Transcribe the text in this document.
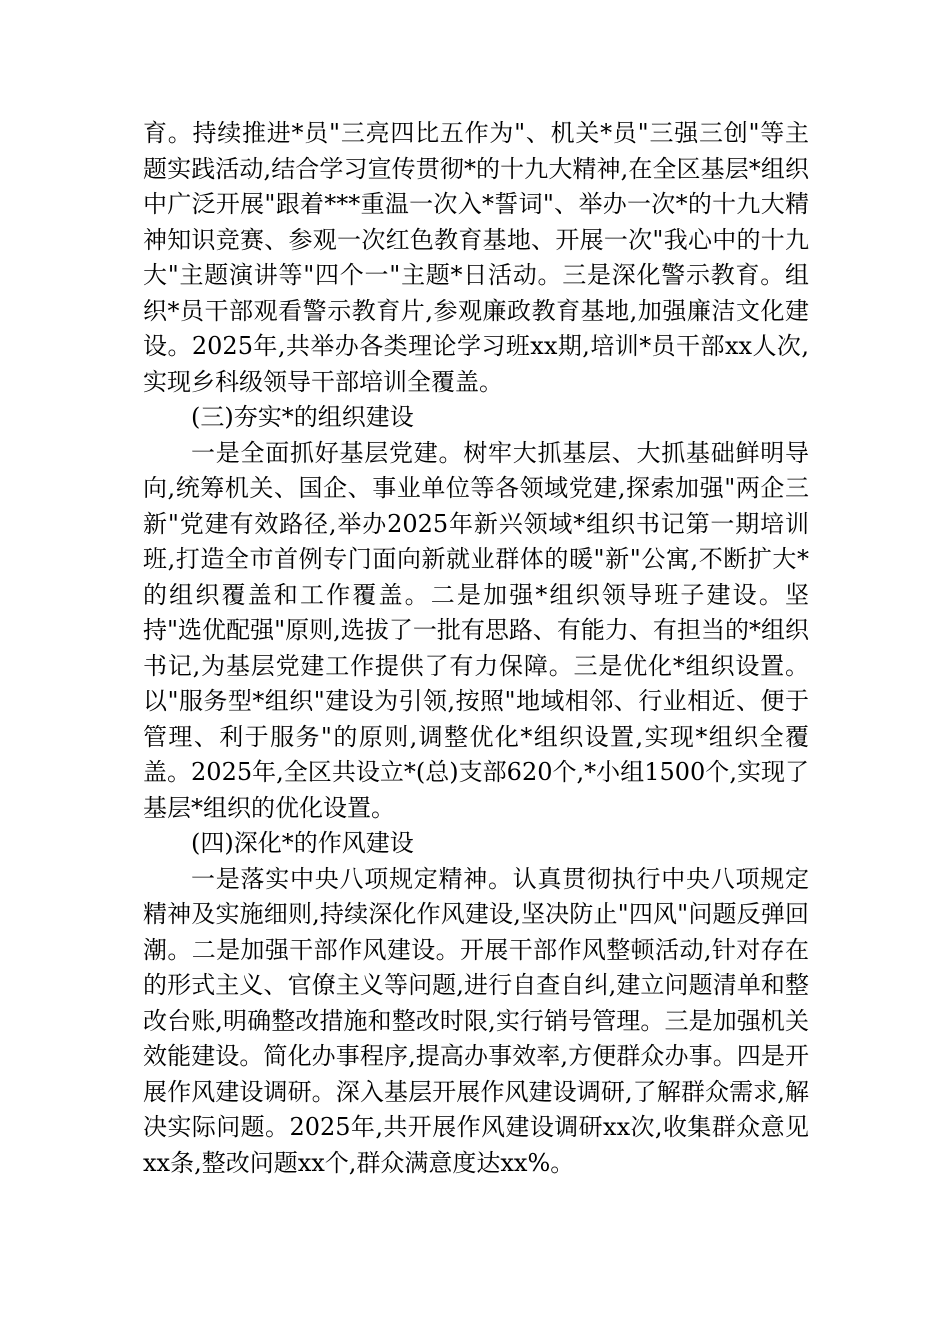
育。持续推进*员"三亮四比五作为"、机关*员"三强三创"等主题实践活动,结合学习宣传贯彻*的十九大精神,在全区基层*组织中广泛开展"跟着***重温一次入*誓词"、举办一次*的十九大精神知识竞赛、参观一次红色教育基地、开展一次"我心中的十九大"主题演讲等"四个一"主题*日活动。三是深化警示教育。组织*员干部观看警示教育片,参观廉政教育基地,加强廉洁文化建设。2025年,共举办各类理论学习班xx期,培训*员干部xx人次,实现乡科级领导干部培训全覆盖。

(三)夯实*的组织建设

一是全面抓好基层党建。树牢大抓基层、大抓基础鲜明导向,统筹机关、国企、事业单位等各领域党建,探索加强"两企三新"党建有效路径,举办2025年新兴领域*组织书记第一期培训班,打造全市首例专门面向新就业群体的暖"新"公寓,不断扩大*的组织覆盖和工作覆盖。二是加强*组织领导班子建设。坚持"选优配强"原则,选拔了一批有思路、有能力、有担当的*组织书记,为基层党建工作提供了有力保障。三是优化*组织设置。以"服务型*组织"建设为引领,按照"地域相邻、行业相近、便于管理、利于服务"的原则,调整优化*组织设置,实现*组织全覆盖。2025年,全区共设立*(总)支部620个,*小组1500个,实现了基层*组织的优化设置。

(四)深化*的作风建设

一是落实中央八项规定精神。认真贯彻执行中央八项规定精神及实施细则,持续深化作风建设,坚决防止"四风"问题反弹回潮。二是加强干部作风建设。开展干部作风整顿活动,针对存在的形式主义、官僚主义等问题,进行自查自纠,建立问题清单和整改台账,明确整改措施和整改时限,实行销号管理。三是加强机关效能建设。简化办事程序,提高办事效率,方便群众办事。四是开展作风建设调研。深入基层开展作风建设调研,了解群众需求,解决实际问题。2025年,共开展作风建设调研xx次,收集群众意见xx条,整改问题xx个,群众满意度达xx%。
